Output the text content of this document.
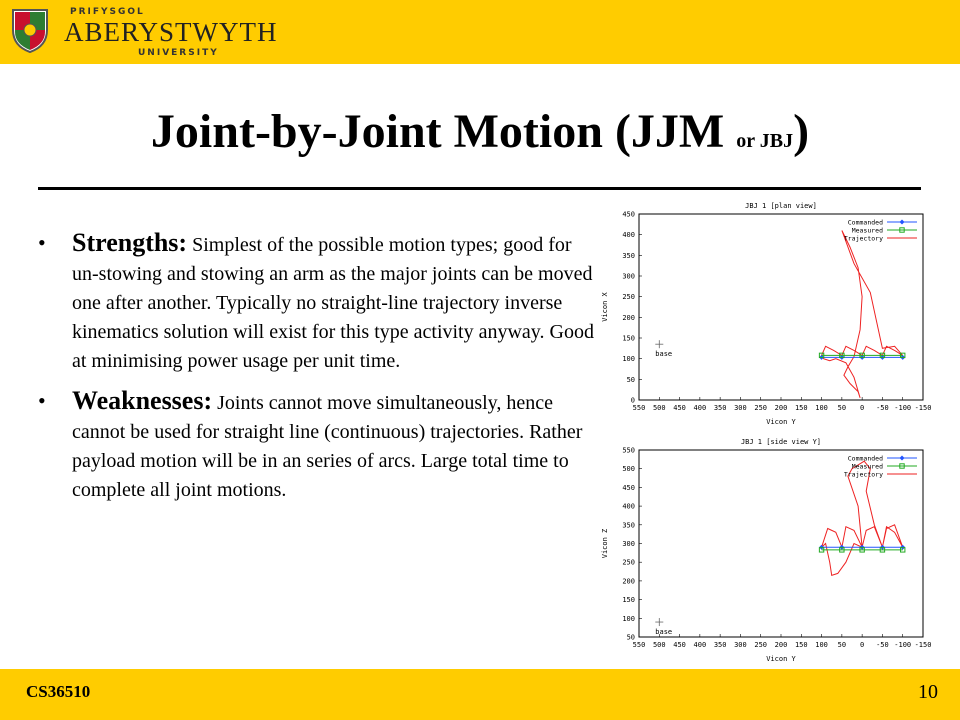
PRIFYSGOL
ABERYSTWYTH
UNIVERSITY
Joint-by-Joint Motion (JJM or JBJ)
• Strengths: Simplest of the possible motion types; good for un-stowing and stowing an arm as the major joints can be moved one after another. Typically no straight-line trajectory inverse kinematics solution will exist for this type activity anyway. Good at minimising power usage per unit time.
• Weaknesses: Joints cannot move simultaneously, hence cannot be used for straight line (continuous) trajectories. Rather payload motion will be in an series of arcs. Large total time to complete all joint motions.
JBJ 1 [plan view]
550 500 450 400 350 300 250 200 150 100 50 0 -50 -100 -150
0
50
100
150
200
250
300
350
400
450
Vicon Y
Vicon X
base
Commanded
Measured
Trajectory
JBJ 1 [side view Y]
550 500 450 400 350 300 250 200 150 100 50 0 -50 -100 -150
50
100
150
200
250
300
350
400
450
500
550
Vicon Y
Vicon Z
base
Commanded
Measured
Trajectory
CS36510	10
